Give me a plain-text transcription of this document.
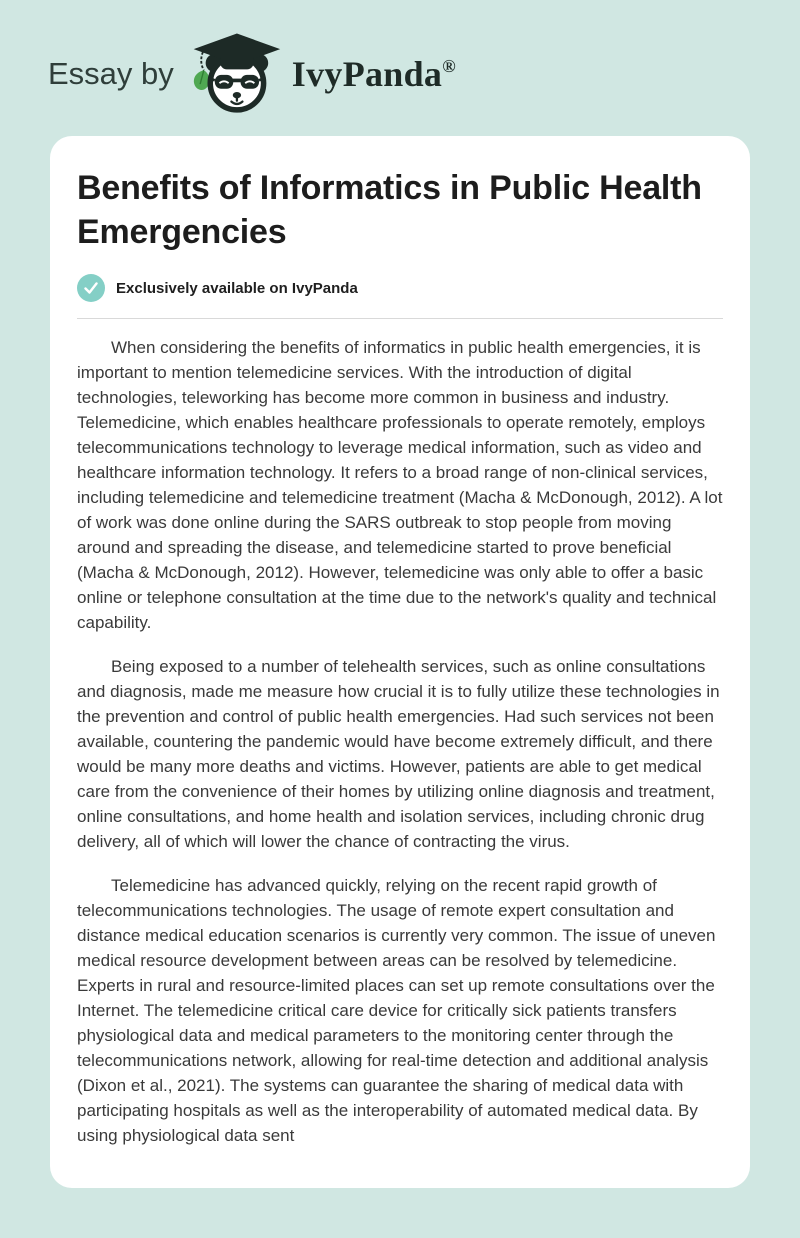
Essay by	IvyPanda®
Benefits of Informatics in Public Health Emergencies
Exclusively available on IvyPanda

When considering the benefits of informatics in public health emergencies, it is important to mention telemedicine services. With the introduction of digital technologies, teleworking has become more common in business and industry. Telemedicine, which enables healthcare professionals to operate remotely, employs telecommunications technology to leverage medical information, such as video and healthcare information technology. It refers to a broad range of non-clinical services, including telemedicine and telemedicine treatment (Macha & McDonough, 2012). A lot of work was done online during the SARS outbreak to stop people from moving around and spreading the disease, and telemedicine started to prove beneficial (Macha & McDonough, 2012). However, telemedicine was only able to offer a basic online or telephone consultation at the time due to the network's quality and technical capability.

Being exposed to a number of telehealth services, such as online consultations and diagnosis, made me measure how crucial it is to fully utilize these technologies in the prevention and control of public health emergencies. Had such services not been available, countering the pandemic would have become extremely difficult, and there would be many more deaths and victims. However, patients are able to get medical care from the convenience of their homes by utilizing online diagnosis and treatment, online consultations, and home health and isolation services, including chronic drug delivery, all of which will lower the chance of contracting the virus.

Telemedicine has advanced quickly, relying on the recent rapid growth of telecommunications technologies. The usage of remote expert consultation and distance medical education scenarios is currently very common. The issue of uneven medical resource development between areas can be resolved by telemedicine. Experts in rural and resource-limited places can set up remote consultations over the Internet. The telemedicine critical care device for critically sick patients transfers physiological data and medical parameters to the monitoring center through the telecommunications network, allowing for real-time detection and additional analysis (Dixon et al., 2021). The systems can guarantee the sharing of medical data with participating hospitals as well as the interoperability of automated medical data. By using physiological data sent
